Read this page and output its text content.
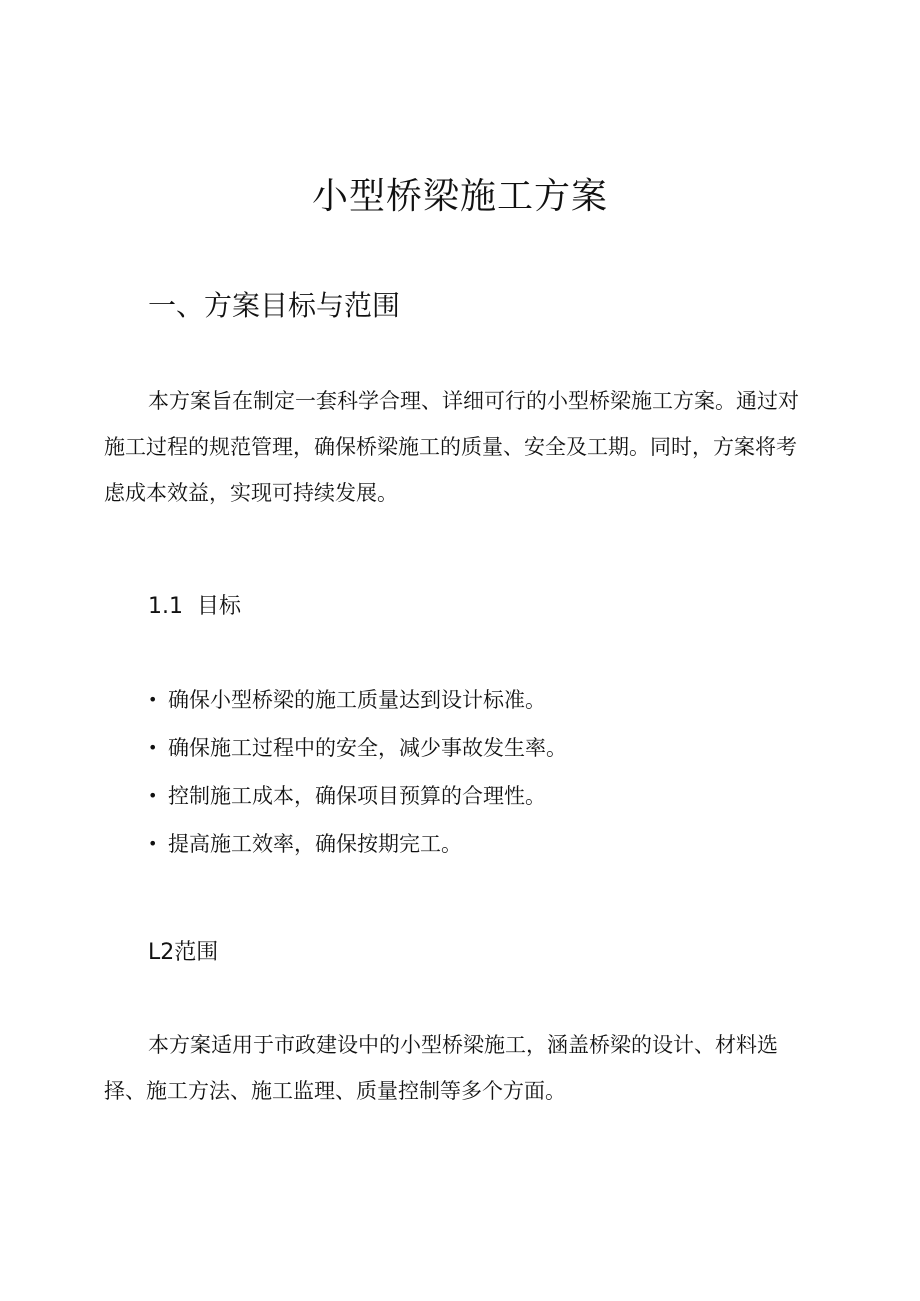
小型桥梁施工方案
一、方案目标与范围

本方案旨在制定一套科学合理、详细可行的小型桥梁施工方案。通过对施工过程的规范管理，确保桥梁施工的质量、安全及工期。同时，方案将考虑成本效益，实现可持续发展。

1.1 目标
• 确保小型桥梁的施工质量达到设计标准。
• 确保施工过程中的安全，减少事故发生率。
• 控制施工成本，确保项目预算的合理性。
• 提高施工效率，确保按期完工。
L2范围

本方案适用于市政建设中的小型桥梁施工，涵盖桥梁的设计、材料选择、施工方法、施工监理、质量控制等多个方面。
